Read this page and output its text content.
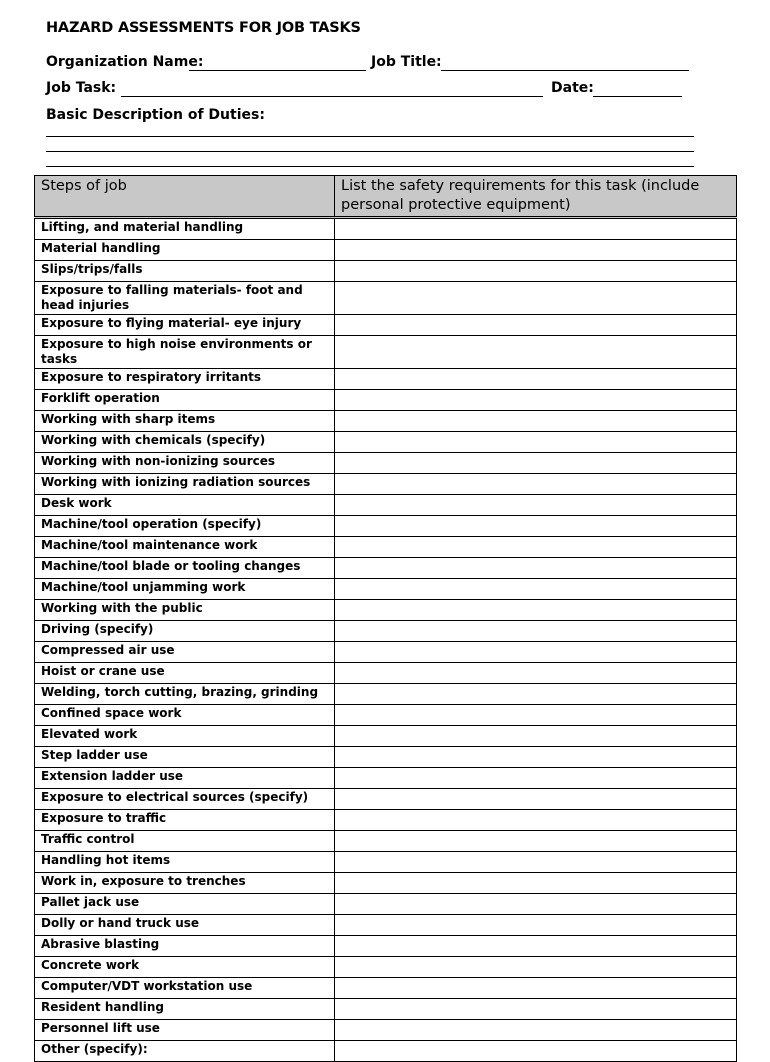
HAZARD ASSESSMENTS FOR JOB TASKS
Organization Name:	Job Title:
Job Task:	Date:
Basic Description of Duties:
Steps of job	List the safety requirements for this task (include personal protective equipment)
Lifting, and material handling	
Material handling	
Slips/trips/falls	
Exposure to falling materials- foot and head injuries	
Exposure to flying material- eye injury	
Exposure to high noise environments or tasks	
Exposure to respiratory irritants	
Forklift operation	
Working with sharp items	
Working with chemicals (specify)	
Working with non-ionizing sources	
Working with ionizing radiation sources	
Desk work	
Machine/tool operation (specify)	
Machine/tool maintenance work	
Machine/tool blade or tooling changes	
Machine/tool unjamming work	
Working with the public	
Driving (specify)	
Compressed air use	
Hoist or crane use	
Welding, torch cutting, brazing, grinding	
Confined space work	
Elevated work	
Step ladder use	
Extension ladder use	
Exposure to electrical sources (specify)	
Exposure to traffic	
Traffic control	
Handling hot items	
Work in, exposure to trenches	
Pallet jack use	
Dolly or hand truck use	
Abrasive blasting	
Concrete work	
Computer/VDT workstation use	
Resident handling	
Personnel lift use	
Other (specify):	
